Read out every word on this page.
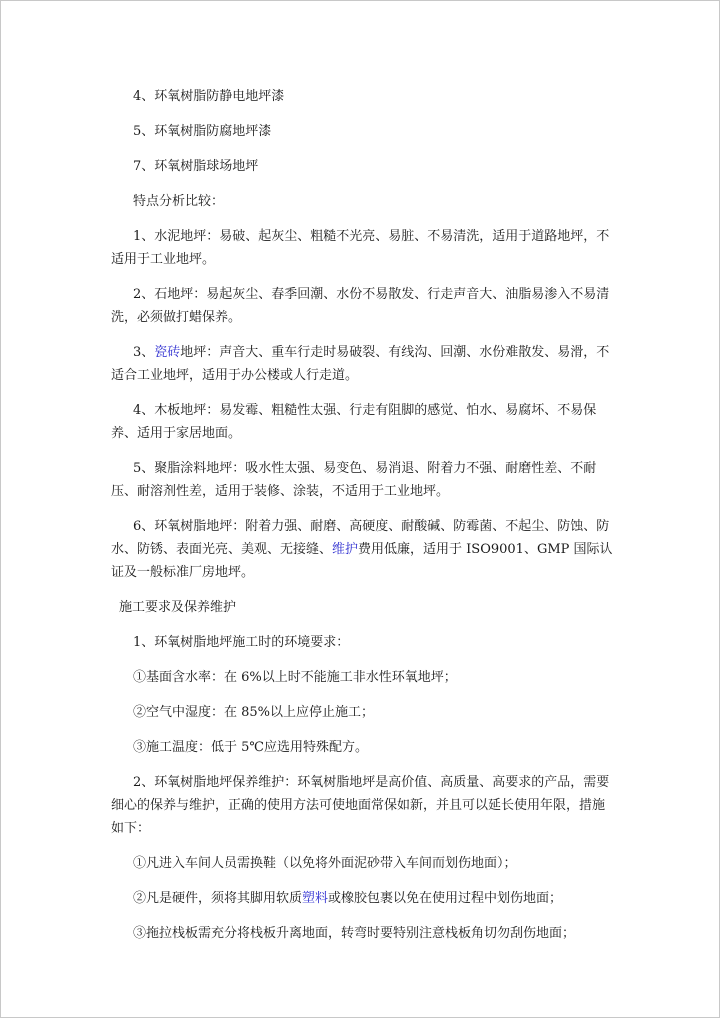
4、环氧树脂防静电地坪漆

5、环氧树脂防腐地坪漆

7、环氧树脂球场地坪

特点分析比较：

1、水泥地坪：易破、起灰尘、粗糙不光亮、易脏、不易清洗，适用于道路地坪，不适用于工业地坪。

2、石地坪：易起灰尘、春季回潮、水份不易散发、行走声音大、油脂易渗入不易清洗，必须做打蜡保养。

3、瓷砖地坪：声音大、重车行走时易破裂、有线沟、回潮、水份难散发、易滑，不适合工业地坪，适用于办公楼或人行走道。

4、木板地坪：易发霉、粗糙性太强、行走有阻脚的感觉、怕水、易腐坏、不易保养、适用于家居地面。

5、聚脂涂料地坪：吸水性太强、易变色、易消退、附着力不强、耐磨性差、不耐压、耐溶剂性差，适用于装修、涂装，不适用于工业地坪。

6、环氧树脂地坪：附着力强、耐磨、高硬度、耐酸碱、防霉菌、不起尘、防蚀、防水、防锈、表面光亮、美观、无接缝、维护费用低廉，适用于 ISO9001、GMP 国际认证及一般标准厂房地坪。

施工要求及保养维护

1、环氧树脂地坪施工时的环境要求：

①基面含水率：在 6%以上时不能施工非水性环氧地坪；

②空气中湿度：在 85%以上应停止施工；

③施工温度：低于 5℃应选用特殊配方。

2、环氧树脂地坪保养维护：环氧树脂地坪是高价值、高质量、高要求的产品，需要细心的保养与维护，正确的使用方法可使地面常保如新，并且可以延长使用年限，措施如下：

①凡进入车间人员需换鞋（以免将外面泥砂带入车间而划伤地面）；

②凡是硬件，须将其脚用软质塑料或橡胶包裹以免在使用过程中划伤地面；

③拖拉栈板需充分将栈板升离地面，转弯时要特别注意栈板角切勿刮伤地面；
